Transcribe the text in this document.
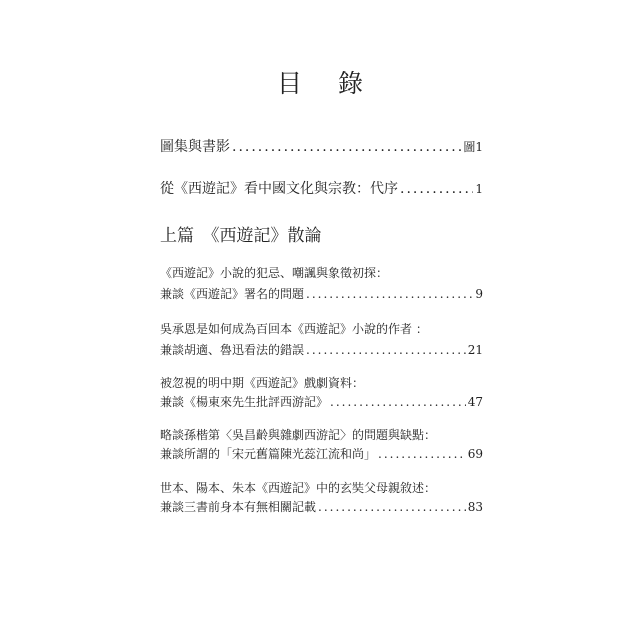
目 錄
圖集與書影 .....	圖1
從《西遊記》看中國文化與宗教：代序 .....	1
上篇　《西遊記》散論
《西遊記》小說的犯忌、嘲諷與象徵初探：
兼談《西遊記》署名的問題 .....	9
吳承恩是如何成為百回本《西遊記》小說的作者 ：
兼談胡適、魯迅看法的錯誤 .....	21
被忽視的明中期《西遊記》戲劇資料：
兼談《楊東來先生批評西游記》 .....	47
略談孫楷第〈吳昌齡與雜劇西游記〉的問題與缺點：
兼談所謂的「宋元舊篇陳光蕊江流和尚」 .....	69
世本、陽本、朱本《西遊記》中的玄奘父母親敘述：
兼談三書前身本有無相關記載 .....	83
